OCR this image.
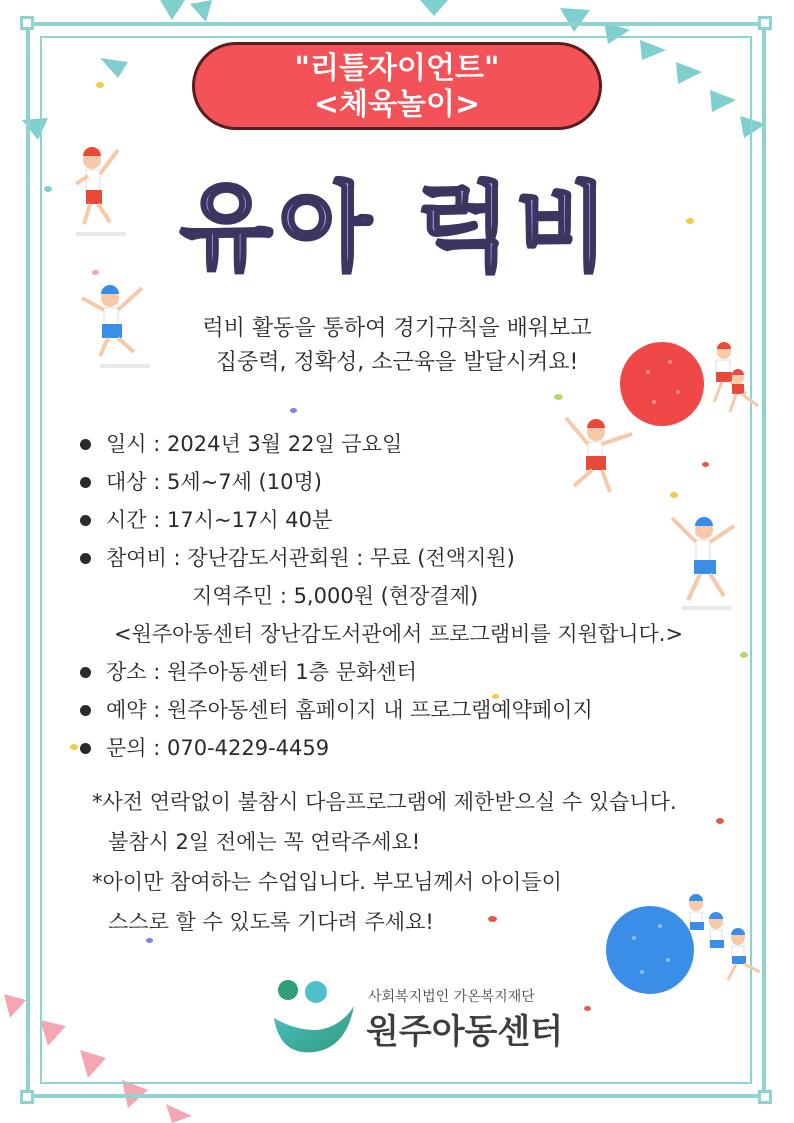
"리틀자이언트"
<체육놀이>
유아 럭비
럭비 활동을 통하여 경기규칙을 배워보고
집중력, 정확성, 소근육을 발달시켜요!
일시 : 2024년 3월 22일 금요일
대상 : 5세~7세 (10명)
시간 : 17시~17시 40분
참여비 : 장난감도서관회원 : 무료 (전액지원)
지역주민 : 5,000원 (현장결제)
<원주아동센터 장난감도서관에서 프로그램비를 지원합니다.>
장소 : 원주아동센터 1층 문화센터
예약 : 원주아동센터 홈페이지 내 프로그램예약페이지
문의 : 070-4229-4459
*사전 연락없이 불참시 다음프로그램에 제한받으실 수 있습니다.
불참시 2일 전에는 꼭 연락주세요!
*아이만 참여하는 수업입니다. 부모님께서 아이들이
스스로 할 수 있도록 기다려 주세요!
사회복지법인 가온복지재단
원주아동센터
